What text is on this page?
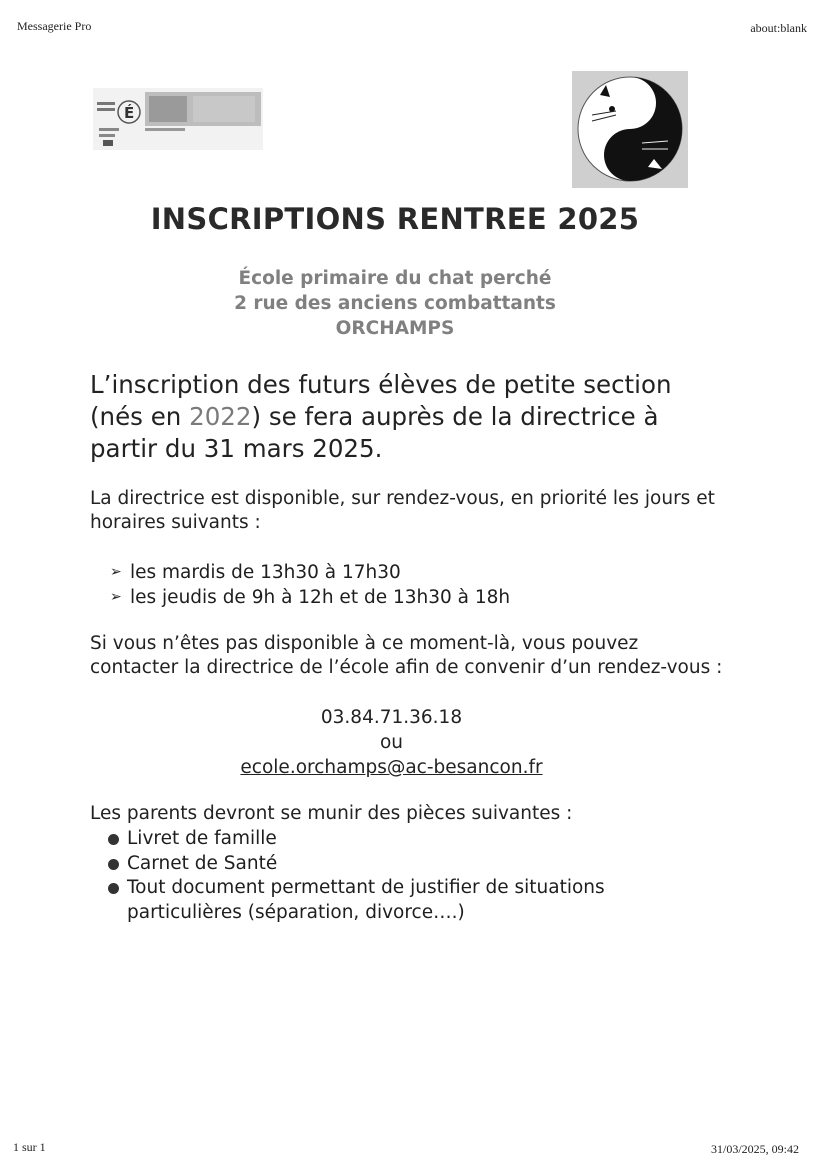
Messagerie Pro	about:blank
É
INSCRIPTIONS RENTREE 2025
École primaire du chat perché
2 rue des anciens combattants
ORCHAMPS
L’inscription des futurs élèves de petite section (nés en 2022) se fera auprès de la directrice à partir du 31 mars 2025.
La directrice est disponible, sur rendez-vous, en priorité les jours et horaires suivants :
➢ les mardis de 13h30 à 17h30
➢ les jeudis de 9h à 12h et de 13h30 à 18h
Si vous n’êtes pas disponible à ce moment-là, vous pouvez contacter la directrice de l’école afin de convenir d’un rendez-vous :
03.84.71.36.18
ou
ecole.orchamps@ac-besancon.fr
Les parents devront se munir des pièces suivantes :
Livret de famille
Carnet de Santé
Tout document permettant de justifier de situations particulières (séparation, divorce….)
1 sur 1	31/03/2025, 09:42
